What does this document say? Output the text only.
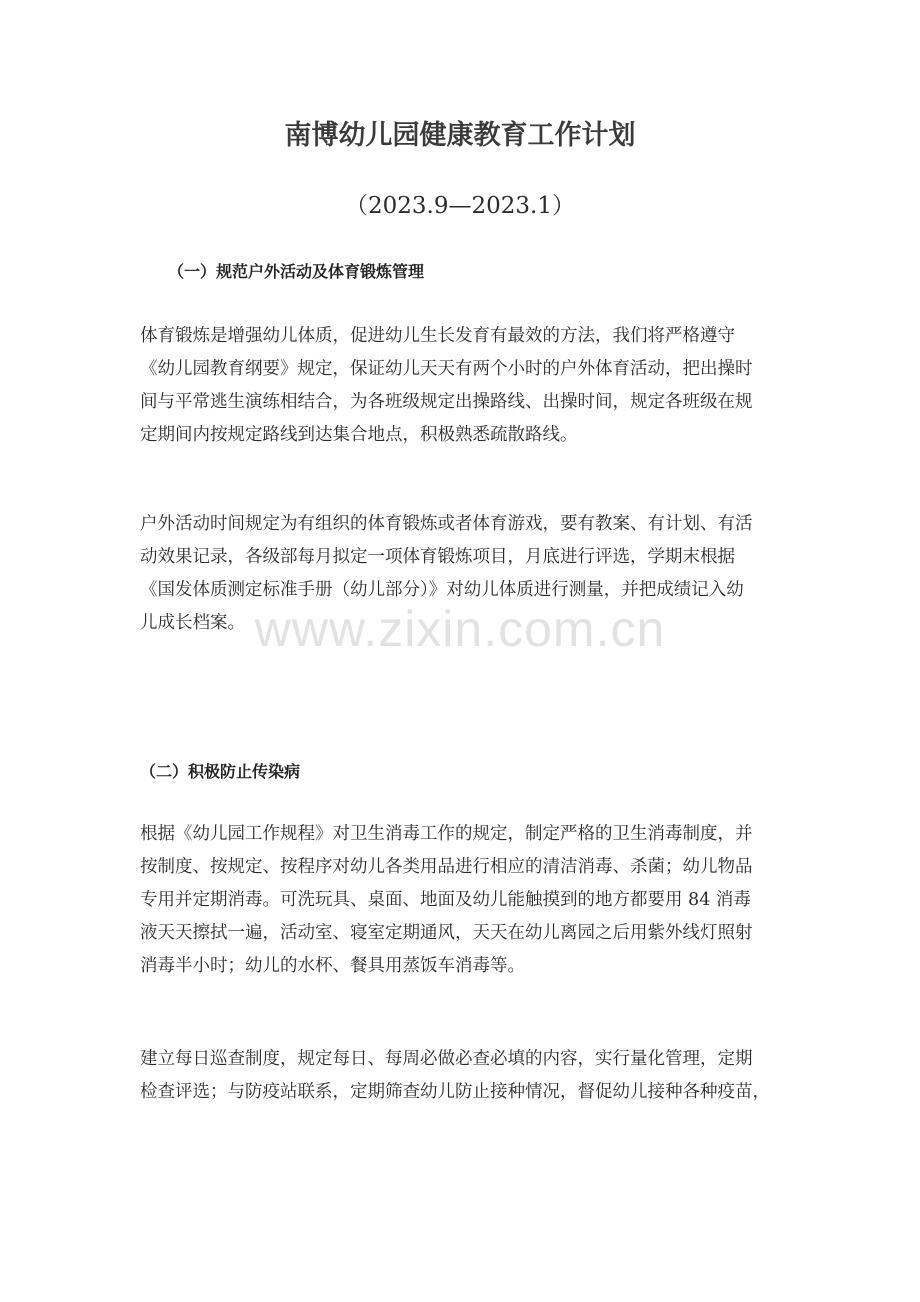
南博幼儿园健康教育工作计划
（2023.9—2023.1）
（一）规范户外活动及体育锻炼管理
体育锻炼是增强幼儿体质，促进幼儿生长发育有最效的方法，我们将严格遵守
《幼儿园教育纲要》规定，保证幼儿天天有两个小时的户外体育活动，把出操时
间与平常逃生演练相结合，为各班级规定出操路线、出操时间，规定各班级在规
定期间内按规定路线到达集合地点，积极熟悉疏散路线。
户外活动时间规定为有组织的体育锻炼或者体育游戏，要有教案、有计划、有活
动效果记录，各级部每月拟定一项体育锻炼项目，月底进行评选，学期末根据
《国发体质测定标准手册（幼儿部分）》对幼儿体质进行测量，并把成绩记入幼
儿成长档案。
（二）积极防止传染病
根据《幼儿园工作规程》对卫生消毒工作的规定，制定严格的卫生消毒制度，并
按制度、按规定、按程序对幼儿各类用品进行相应的清洁消毒、杀菌；幼儿物品
专用并定期消毒。可洗玩具、桌面、地面及幼儿能触摸到的地方都要用 84 消毒
液天天擦拭一遍，活动室、寝室定期通风，天天在幼儿离园之后用紫外线灯照射
消毒半小时；幼儿的水杯、餐具用蒸饭车消毒等。
建立每日巡查制度，规定每日、每周必做必查必填的内容，实行量化管理，定期
检查评选；与防疫站联系，定期筛查幼儿防止接种情况，督促幼儿接种各种疫苗，
www.zixin.com.cn
